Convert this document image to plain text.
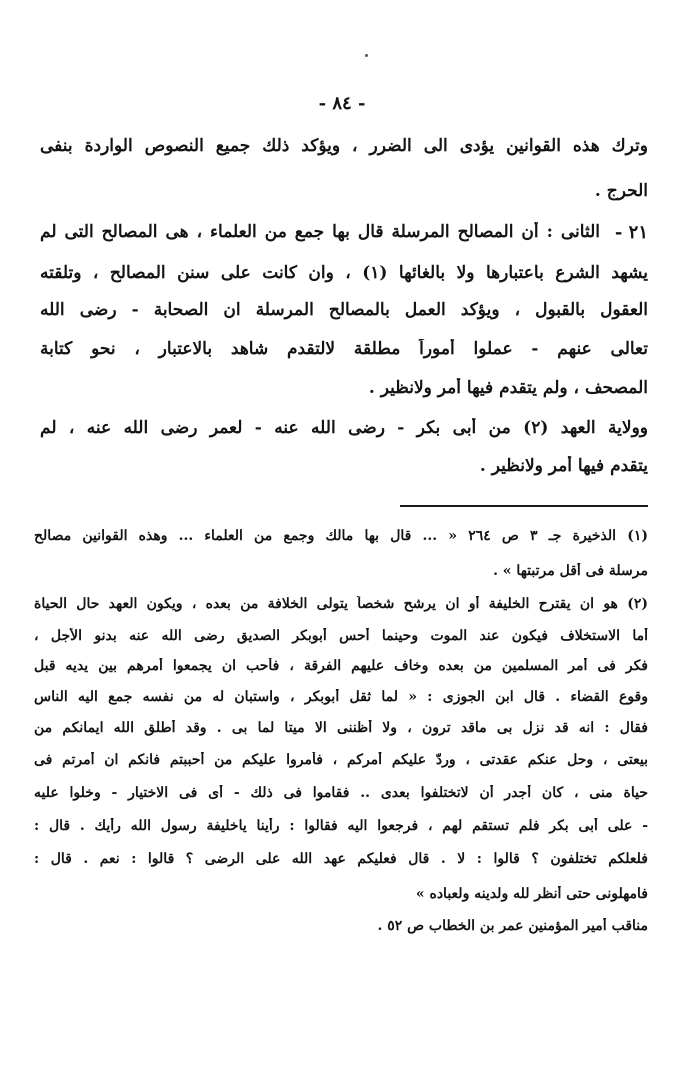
- ٨٤ -
وترك هذه القوانين يؤدى الى الضرر ، ويؤكد ذلك جميع النصوص الواردة بنفى
الحرج .
٢١ -
الثانى : أن المصالح المرسلة قال بها جمع من العلماء ، هى المصالح التى لم
يشهد الشرع باعتبارها ولا بالغائها (١) ، وان كانت على سنن المصالح ، وتلقته
العقول بالقبول ، ويؤكد العمل بالمصالح المرسلة ان الصحابة - رضى الله
تعالى عنهم - عملوا أموراً مطلقة لالتقدم شاهد بالاعتبار ، نحو كتابة
المصحف ، ولم يتقدم فيها أمر ولانظير .
وولاية العهد (٢) من أبى بكر - رضى الله عنه - لعمر رضى الله عنه ، لم
يتقدم فيها أمر ولانظير .
(١) الذخيرة جـ ٣ ص ٢٦٤ « ... قال بها مالك وجمع من العلماء ... وهذه القوانين مصالح
مرسلة فى أقل مرتبتها » .
(٢) هو ان يقترح الخليفة أو ان يرشح شخصاً يتولى الخلافة من بعده ، ويكون العهد حال الحياة
أما الاستخلاف فيكون عند الموت وحينما أحس أبوبكر الصديق رضى الله عنه بدنو الأجل ،
فكر فى أمر المسلمين من بعده وخاف عليهم الفرقة ، فأحب ان يجمعوا أمرهم بين يديه قبل
وقوع القضاء . قال ابن الجوزى : « لما ثقل أبوبكر ، واستبان له من نفسه جمع اليه الناس
فقال : انه قد نزل بى ماقد ترون ، ولا أظننى الا ميتا لما بى . وقد أطلق الله ايمانكم من
بيعتى ، وحل عنكم عقدتى ، وردّ عليكم أمركم ، فأمروا عليكم من أحببتم فانكم ان أمرتم فى
حياة منى ، كان أجدر أن لاتختلفوا بعدى .. فقاموا فى ذلك - أى فى الاختيار - وخلوا عليه
- على أبى بكر فلم تستقم لهم ، فرجعوا اليه فقالوا : رأينا ياخليفة رسول الله رأيك . قال :
فلعلكم تختلفون ؟ قالوا : لا . قال فعليكم عهد الله على الرضى ؟ قالوا : نعم . قال :
فامهلونى حتى أنظر لله ولدينه ولعباده »
مناقب أمير المؤمنين عمر بن الخطاب ص ٥٢ .
